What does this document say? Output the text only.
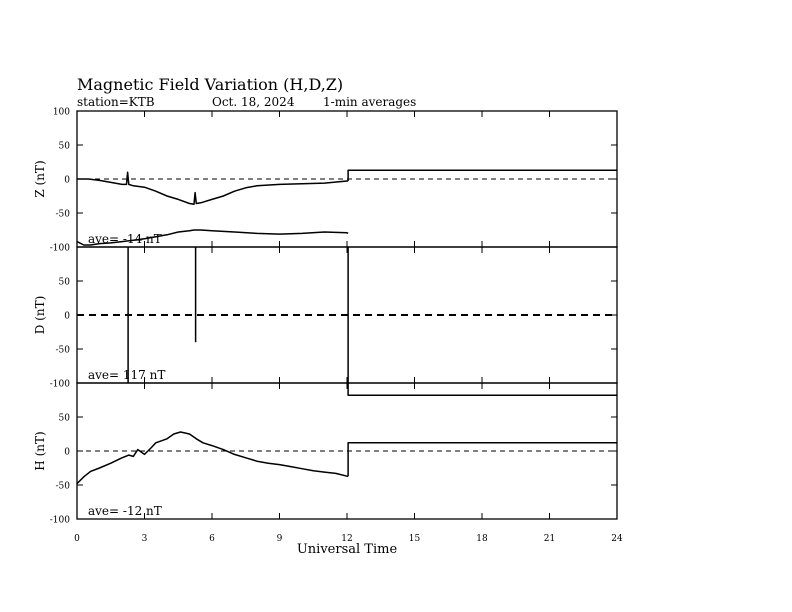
Magnetic Field Variation (H,D,Z)
station=KTB	Oct. 18, 2024 1-min averages
-100
-50
0
50
100
Z (nT)
ave= -14 nT
-100
-50
0
50
D (nT)
ave= 117 nT
-100
-50
0
50
H (nT)
ave= -12 nT
0	3	6	9	12	15	18	21	24
Universal Time
